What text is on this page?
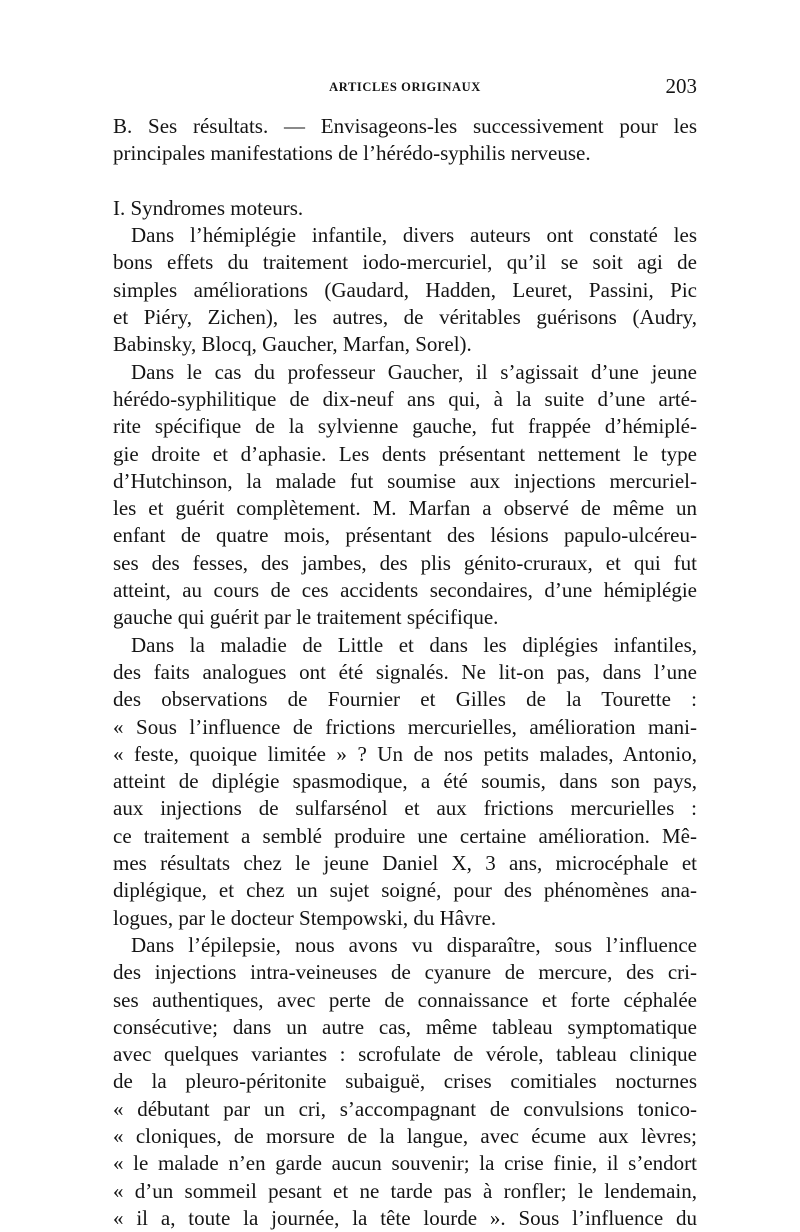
ARTICLES ORIGINAUX	203
B. Ses résultats. — Envisageons-les successivement pour les
principales manifestations de l’hérédo-syphilis nerveuse.
I. Syndromes moteurs.
Dans l’hémiplégie infantile, divers auteurs ont constaté les
bons effets du traitement iodo-mercuriel, qu’il se soit agi de
simples améliorations (Gaudard, Hadden, Leuret, Passini, Pic
et Piéry, Zichen), les autres, de véritables guérisons (Audry,
Babinsky, Blocq, Gaucher, Marfan, Sorel).
Dans le cas du professeur Gaucher, il s’agissait d’une jeune
hérédo-syphilitique de dix-neuf ans qui, à la suite d’une arté-
rite spécifique de la sylvienne gauche, fut frappée d’hémiplé-
gie droite et d’aphasie. Les dents présentant nettement le type
d’Hutchinson, la malade fut soumise aux injections mercuriel-
les et guérit complètement. M. Marfan a observé de même un
enfant de quatre mois, présentant des lésions papulo-ulcéreu-
ses des fesses, des jambes, des plis génito-cruraux, et qui fut
atteint, au cours de ces accidents secondaires, d’une hémiplégie
gauche qui guérit par le traitement spécifique.
Dans la maladie de Little et dans les diplégies infantiles,
des faits analogues ont été signalés. Ne lit-on pas, dans l’une
des observations de Fournier et Gilles de la Tourette :
« Sous l’influence de frictions mercurielles, amélioration mani-
« feste, quoique limitée » ? Un de nos petits malades, Antonio,
atteint de diplégie spasmodique, a été soumis, dans son pays,
aux injections de sulfarsénol et aux frictions mercurielles :
ce traitement a semblé produire une certaine amélioration. Mê-
mes résultats chez le jeune Daniel X, 3 ans, microcéphale et
diplégique, et chez un sujet soigné, pour des phénomènes ana-
logues, par le docteur Stempowski, du Hâvre.
Dans l’épilepsie, nous avons vu disparaître, sous l’influence
des injections intra-veineuses de cyanure de mercure, des cri-
ses authentiques, avec perte de connaissance et forte céphalée
consécutive; dans un autre cas, même tableau symptomatique
avec quelques variantes : scrofulate de vérole, tableau clinique
de la pleuro-péritonite subaiguë, crises comitiales nocturnes
« débutant par un cri, s’accompagnant de convulsions tonico-
« cloniques, de morsure de la langue, avec écume aux lèvres;
« le malade n’en garde aucun souvenir; la crise finie, il s’endort
« d’un sommeil pesant et ne tarde pas à ronfler; le lendemain,
« il a, toute la journée, la tête lourde ». Sous l’influence du
